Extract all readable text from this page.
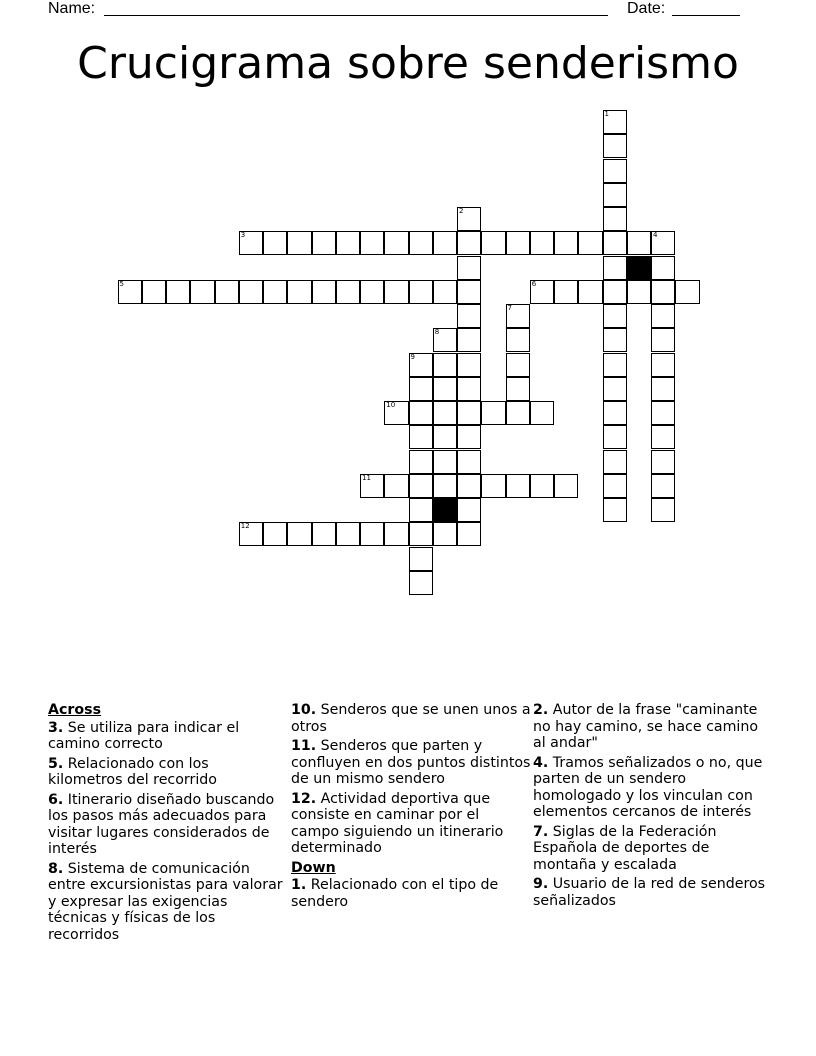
Name:	Date:
Crucigrama sobre senderismo
3	4
5	6
10
11
12
1
2
7
8
9

Across

3. Se utiliza para indicar el camino correcto

5. Relacionado con los kilometros del recorrido

6. Itinerario diseñado buscando los pasos más adecuados para visitar lugares considerados de interés

8. Sistema de comunicación entre excursionistas para valorar y expresar las exigencias técnicas y físicas de los recorridos

10. Senderos que se unen unos a otros

11. Senderos que parten y confluyen en dos puntos distintos de un mismo sendero

12. Actividad deportiva que consiste en caminar por el campo siguiendo un itinerario determinado

Down

1. Relacionado con el tipo de sendero

2. Autor de la frase "caminante no hay camino, se hace camino al andar"

4. Tramos señalizados o no, que parten de un sendero homologado y los vinculan con elementos cercanos de interés

7. Siglas de la Federación Española de deportes de montaña y escalada

9. Usuario de la red de senderos señalizados
